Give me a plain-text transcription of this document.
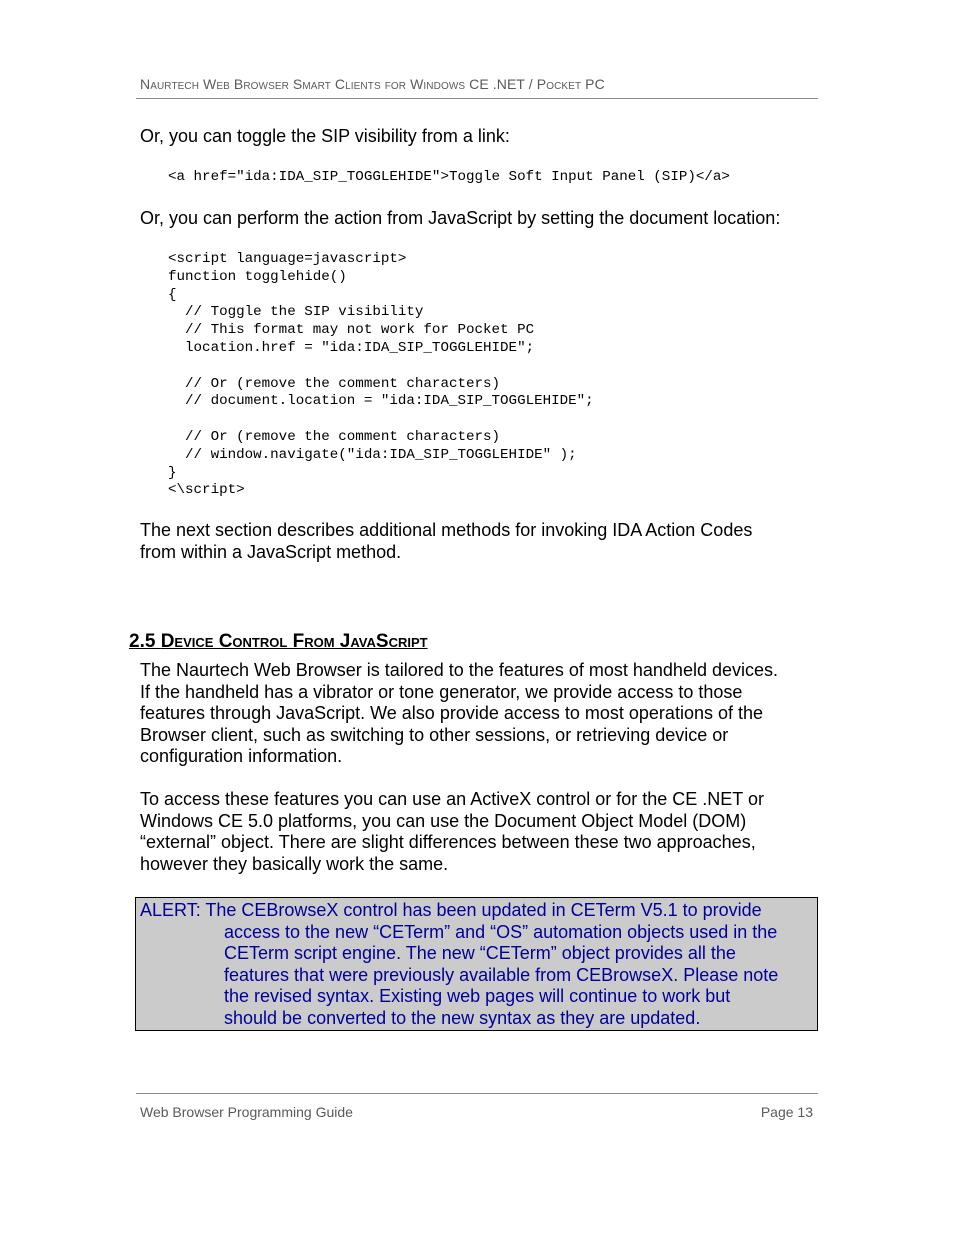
Naurtech Web Browser Smart Clients for Windows CE .NET / Pocket PC
Or, you can toggle the SIP visibility from a link:
<a href="ida:IDA_SIP_TOGGLEHIDE">Toggle Soft Input Panel (SIP)</a>
Or, you can perform the action from JavaScript by setting the document location:
<script language=javascript>
function togglehide()
{
// Toggle the SIP visibility
// This format may not work for Pocket PC
location.href = "ida:IDA_SIP_TOGGLEHIDE";

// Or (remove the comment characters)
// document.location = "ida:IDA_SIP_TOGGLEHIDE";

// Or (remove the comment characters)
// window.navigate("ida:IDA_SIP_TOGGLEHIDE" );
}
<\script>
The next section describes additional methods for invoking IDA Action Codes
from within a JavaScript method.
2.5 Device Control From JavaScript
The Naurtech Web Browser is tailored to the features of most handheld devices.
If the handheld has a vibrator or tone generator, we provide access to those
features through JavaScript. We also provide access to most operations of the
Browser client, such as switching to other sessions, or retrieving device or
configuration information.
To access these features you can use an ActiveX control or for the CE .NET or
Windows CE 5.0 platforms, you can use the Document Object Model (DOM)
“external” object. There are slight differences between these two approaches,
however they basically work the same.
ALERT: The CEBrowseX control has been updated in CETerm V5.1 to provide
access to the new “CETerm” and “OS” automation objects used in the
CETerm script engine. The new “CETerm” object provides all the
features that were previously available from CEBrowseX. Please note
the revised syntax. Existing web pages will continue to work but
should be converted to the new syntax as they are updated.
Web Browser Programming Guide	Page 13
